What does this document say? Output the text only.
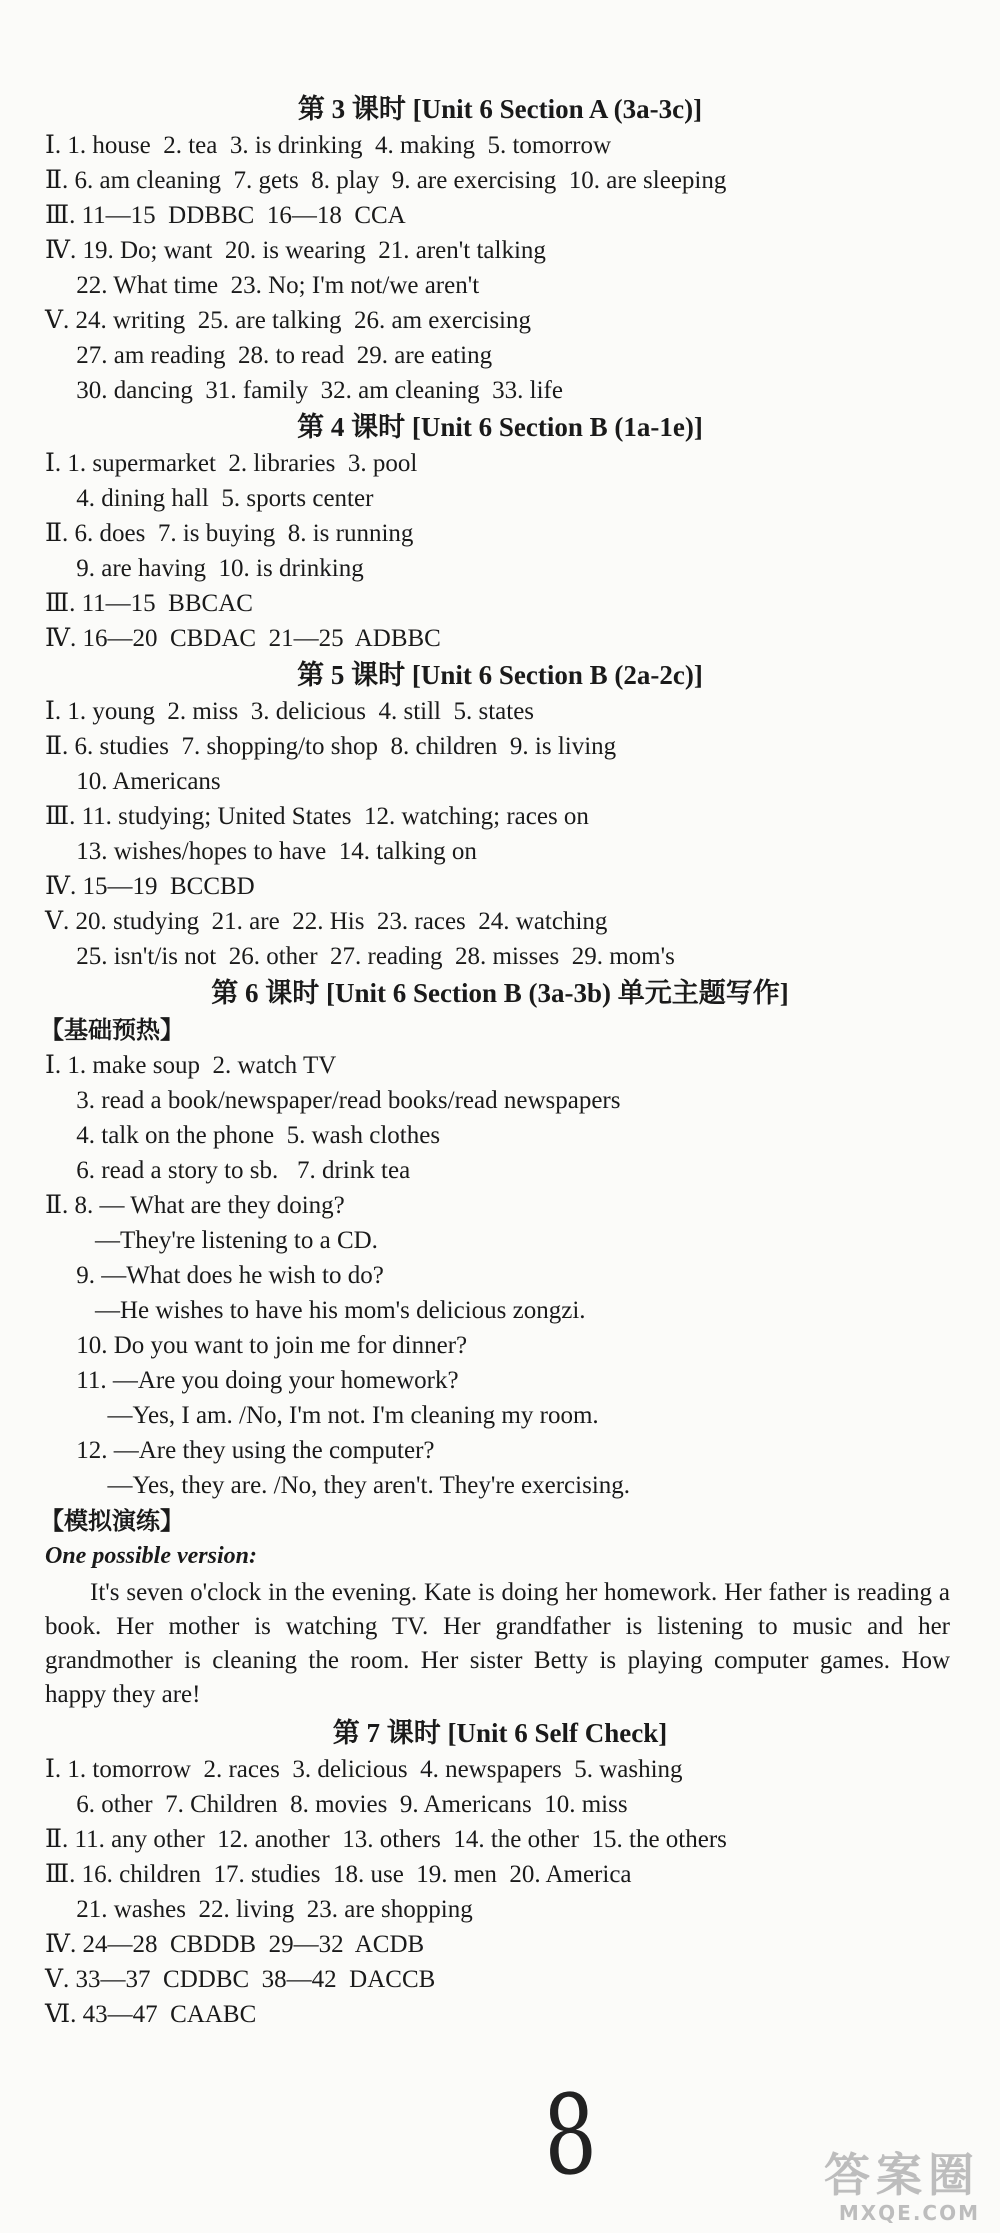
第 3 课时 [Unit 6 Section A (3a-3c)]
Ⅰ. 1. house  2. tea  3. is drinking  4. making  5. tomorrow
Ⅱ. 6. am cleaning  7. gets  8. play  9. are exercising  10. are sleeping
Ⅲ. 11—15  DDBBC  16—18  CCA
Ⅳ. 19. Do; want  20. is wearing  21. aren't talking
22. What time  23. No; I'm not/we aren't
Ⅴ. 24. writing  25. are talking  26. am exercising
27. am reading  28. to read  29. are eating
30. dancing  31. family  32. am cleaning  33. life
第 4 课时 [Unit 6 Section B (1a-1e)]
Ⅰ. 1. supermarket  2. libraries  3. pool
4. dining hall  5. sports center
Ⅱ. 6. does  7. is buying  8. is running
9. are having  10. is drinking
Ⅲ. 11—15  BBCAC
Ⅳ. 16—20  CBDAC  21—25  ADBBC
第 5 课时 [Unit 6 Section B (2a-2c)]
Ⅰ. 1. young  2. miss  3. delicious  4. still  5. states
Ⅱ. 6. studies  7. shopping/to shop  8. children  9. is living
10. Americans
Ⅲ. 11. studying; United States  12. watching; races on
13. wishes/hopes to have  14. talking on
Ⅳ. 15—19  BCCBD
Ⅴ. 20. studying  21. are  22. His  23. races  24. watching
25. isn't/is not  26. other  27. reading  28. misses  29. mom's
第 6 课时 [Unit 6 Section B (3a-3b) 单元主题写作]
【基础预热】
Ⅰ. 1. make soup  2. watch TV
3. read a book/newspaper/read books/read newspapers
4. talk on the phone  5. wash clothes
6. read a story to sb.   7. drink tea
Ⅱ. 8. — What are they doing?
—They're listening to a CD.
9. —What does he wish to do?
—He wishes to have his mom's delicious zongzi.
10. Do you want to join me for dinner?
11. —Are you doing your homework?
—Yes, I am. /No, I'm not. I'm cleaning my room.
12. —Are they using the computer?
—Yes, they are. /No, they aren't. They're exercising.
【模拟演练】
One possible version:
It's seven o'clock in the evening. Kate is doing her homework. Her father is reading a book. Her mother is watching TV. Her grandfather is listening to music and her grandmother is cleaning the room. Her sister Betty is playing computer games. How happy they are!
第 7 课时 [Unit 6 Self Check]
Ⅰ. 1. tomorrow  2. races  3. delicious  4. newspapers  5. washing
6. other  7. Children  8. movies  9. Americans  10. miss
Ⅱ. 11. any other  12. another  13. others  14. the other  15. the others
Ⅲ. 16. children  17. studies  18. use  19. men  20. America
21. washes  22. living  23. are shopping
Ⅳ. 24—28  CBDDB  29—32  ACDB
Ⅴ. 33—37  CDDBC  38—42  DACCB
Ⅵ. 43—47  CAABC
8	答案圈
MXQE.COM
